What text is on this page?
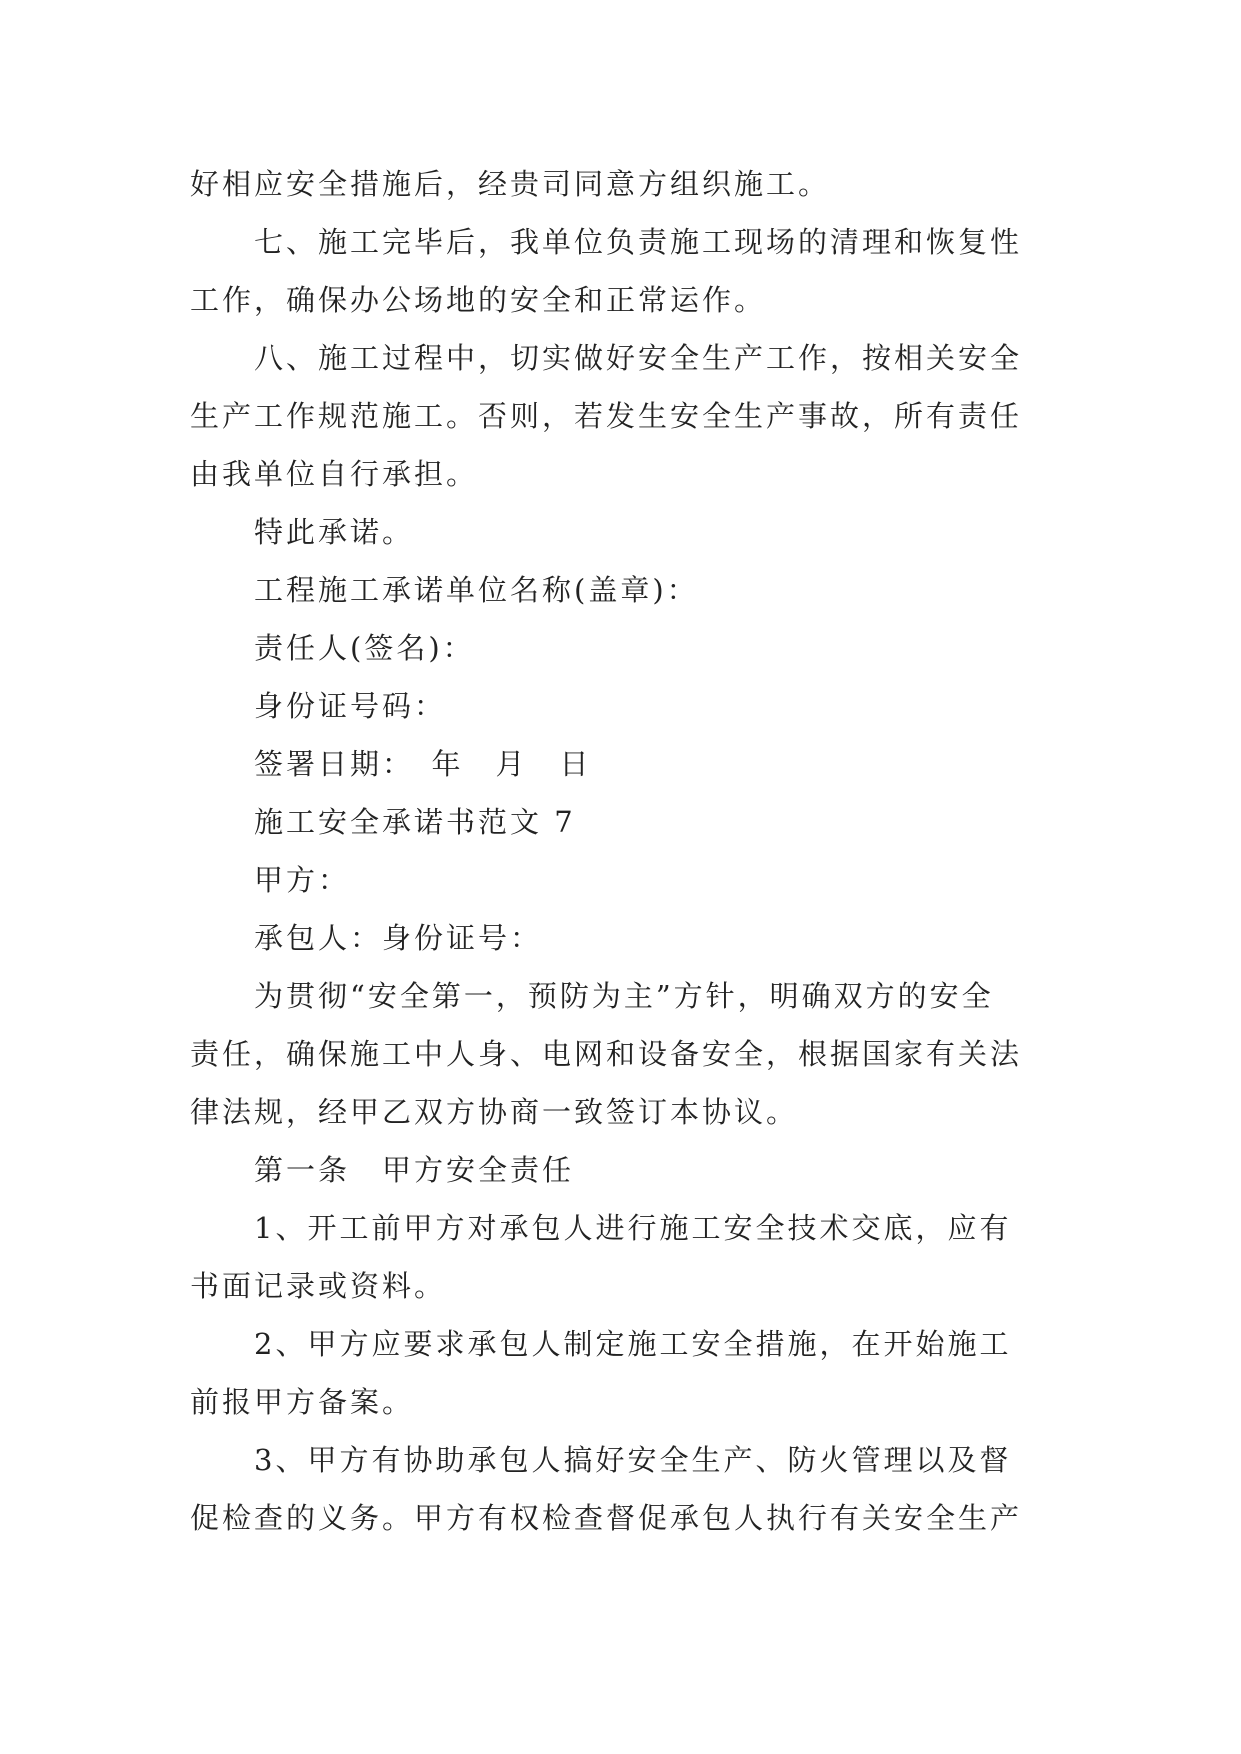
好相应安全措施后，经贵司同意方组织施工。

七、施工完毕后，我单位负责施工现场的清理和恢复性

工作，确保办公场地的安全和正常运作。

八、施工过程中，切实做好安全生产工作，按相关安全

生产工作规范施工。否则，若发生安全生产事故，所有责任

由我单位自行承担。

特此承诺。

工程施工承诺单位名称(盖章)：

责任人(签名)：

身份证号码：

签署日期：　年　月　日

施工安全承诺书范文 7

甲方：

承包人：身份证号：

为贯彻“安全第一，预防为主”方针，明确双方的安全

责任，确保施工中人身、电网和设备安全，根据国家有关法

律法规，经甲乙双方协商一致签订本协议。

第一条　甲方安全责任

1、开工前甲方对承包人进行施工安全技术交底，应有

书面记录或资料。

2、甲方应要求承包人制定施工安全措施，在开始施工

前报甲方备案。

3、甲方有协助承包人搞好安全生产、防火管理以及督

促检查的义务。甲方有权检查督促承包人执行有关安全生产
